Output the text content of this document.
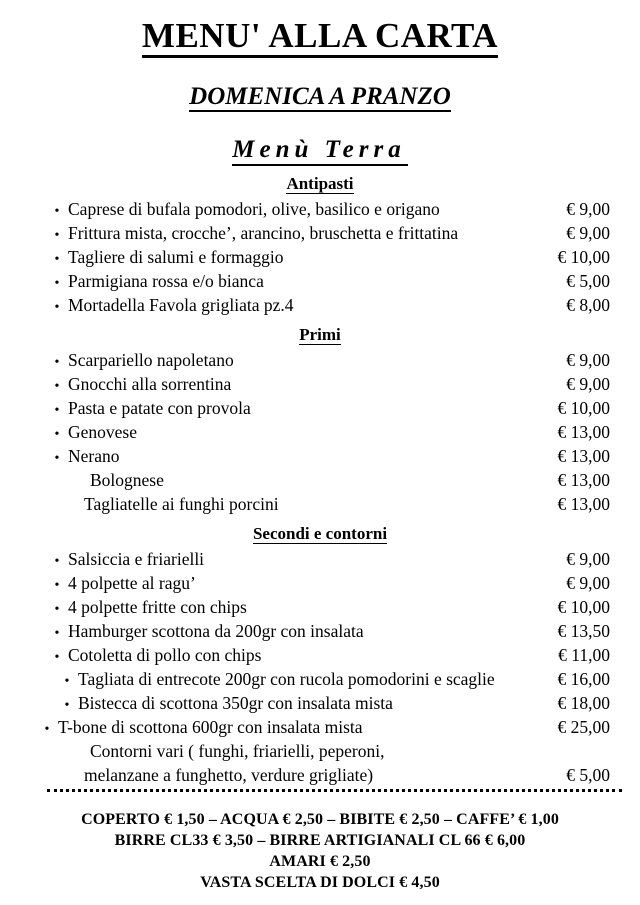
MENU' ALLA CARTA
DOMENICA A PRANZO
Menù Terra
Antipasti
• Caprese di bufala pomodori, olive, basilico e origano	€ 9,00
• Frittura mista, crocche’, arancino, bruschetta e frittatina	€ 9,00
• Tagliere di salumi e formaggio	€ 10,00
• Parmigiana rossa e/o bianca	€ 5,00
• Mortadella Favola grigliata pz.4	€ 8,00
Primi
• Scarpariello napoletano	€ 9,00
• Gnocchi alla sorrentina	€ 9,00
• Pasta e patate con provola	€ 10,00
• Genovese	€ 13,00
• Nerano	€ 13,00
Bolognese	€ 13,00
Tagliatelle ai funghi porcini	€ 13,00
Secondi e contorni
• Salsiccia e friarielli	€ 9,00
• 4 polpette al ragu’	€ 9,00
• 4 polpette fritte con chips	€ 10,00
• Hamburger scottona da 200gr con insalata	€ 13,50
• Cotoletta di pollo con chips	€ 11,00
• Tagliata di entrecote 200gr con rucola pomodorini e scaglie	€ 16,00
• Bistecca di scottona 350gr con insalata mista	€ 18,00
• T-bone di scottona 600gr con insalata mista	€ 25,00
Contorni vari ( funghi, friarielli, peperoni,
melanzane a funghetto, verdure grigliate)	€ 5,00
COPERTO € 1,50 – ACQUA € 2,50 – BIBITE € 2,50 – CAFFE’ € 1,00
BIRRE CL33 € 3,50 – BIRRE ARTIGIANALI CL 66 € 6,00
AMARI € 2,50
VASTA SCELTA DI DOLCI € 4,50
